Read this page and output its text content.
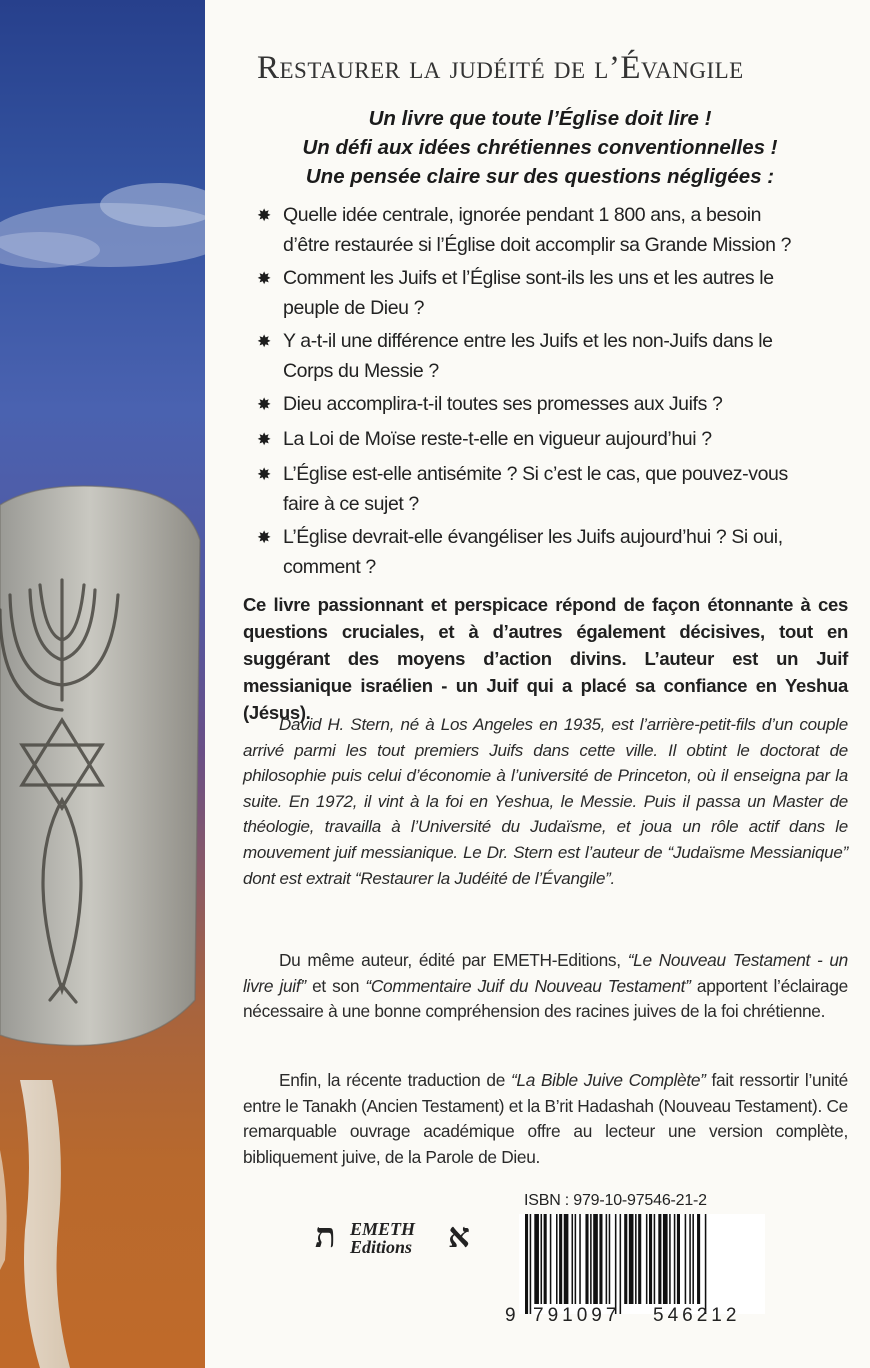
Restaurer la judéité de l’Évangile
Un livre que toute l’Église doit lire !
Un défi aux idées chrétiennes conventionnelles !
Une pensée claire sur des questions négligées :
✸ Quelle idée centrale, ignorée pendant 1 800 ans, a besoin d’être restaurée si l’Église doit accomplir sa Grande Mission ?
✸ Comment les Juifs et l’Église sont-ils les uns et les autres le peuple de Dieu ?
✸ Y a-t-il une différence entre les Juifs et les non-Juifs dans le Corps du Messie ?
✸ Dieu accomplira-t-il toutes ses promesses aux Juifs ?
✸ La Loi de Moïse reste-t-elle en vigueur aujourd’hui ?
✸ L’Église est-elle antisémite ? Si c’est le cas, que pouvez-vous faire à ce sujet ?
✸ L’Église devrait-elle évangéliser les Juifs aujourd’hui ? Si oui, comment ?

Ce livre passionnant et perspicace répond de façon étonnante à ces questions cruciales, et à d’autres également décisives, tout en suggérant des moyens d’action divins. L’auteur est un Juif messianique israélien - un Juif qui a placé sa confiance en Yeshua (Jésus).

David H. Stern, né à Los Angeles en 1935, est l’arrière-petit-fils d’un couple arrivé parmi les tout premiers Juifs dans cette ville. Il obtint le doctorat de philosophie puis celui d’économie à l’université de Princeton, où il enseigna par la suite. En 1972, il vint à la foi en Yeshua, le Messie. Puis il passa un Master de théologie, travailla à l’Université du Judaïsme, et joua un rôle actif dans le mouvement juif messianique. Le Dr. Stern est l’auteur de “Judaïsme Messianique” dont est extrait “Restaurer la Judéité de l’Évangile”.

Du même auteur, édité par EMETH-Editions, “Le Nouveau Testament - un livre juif” et son “Commentaire Juif du Nouveau Testament” apportent l’éclairage nécessaire à une bonne compréhension des racines juives de la foi chrétienne.

Enfin, la récente traduction de “La Bible Juive Complète” fait ressortir l’unité entre le Tanakh (Ancien Testament) et la B’rit Hadashah (Nouveau Testament). Ce remarquable ouvrage académique offre au lecteur une version complète, bibliquement juive, de la Parole de Dieu.

ת EMETH
Editions א
ISBN : 979-10-97546-21-2
9 791097 546212
